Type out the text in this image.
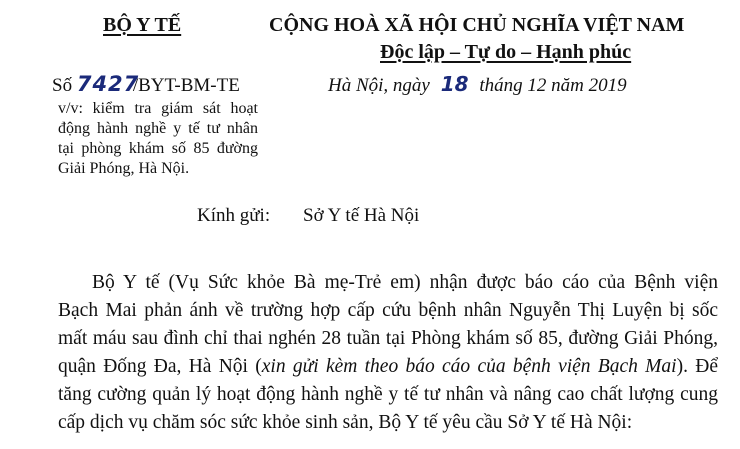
BỘ Y TẾ	CỘNG HOÀ XÃ HỘI CHỦ NGHĨA VIỆT NAM
Độc lập – Tự do – Hạnh phúc
Số 7427/BYT-BM-TE	Hà Nội, ngày 18 tháng 12 năm 2019
v/v: kiểm tra giám sát hoạt
động hành nghề y tế tư nhân
tại phòng khám số 85 đường
Giải Phóng, Hà Nội.
Kính gửi: Sở Y tế Hà Nội
Bộ Y tế (Vụ Sức khỏe Bà mẹ-Trẻ em) nhận được báo cáo của Bệnh viện
Bạch Mai phản ánh về trường hợp cấp cứu bệnh nhân Nguyễn Thị Luyện bị sốc
mất máu sau đình chỉ thai nghén 28 tuần tại Phòng khám số 85, đường Giải Phóng,
quận Đống Đa, Hà Nội (xin gửi kèm theo báo cáo của bệnh viện Bạch Mai). Để
tăng cường quản lý hoạt động hành nghề y tế tư nhân và nâng cao chất lượng cung
cấp dịch vụ chăm sóc sức khỏe sinh sản, Bộ Y tế yêu cầu Sở Y tế Hà Nội:
